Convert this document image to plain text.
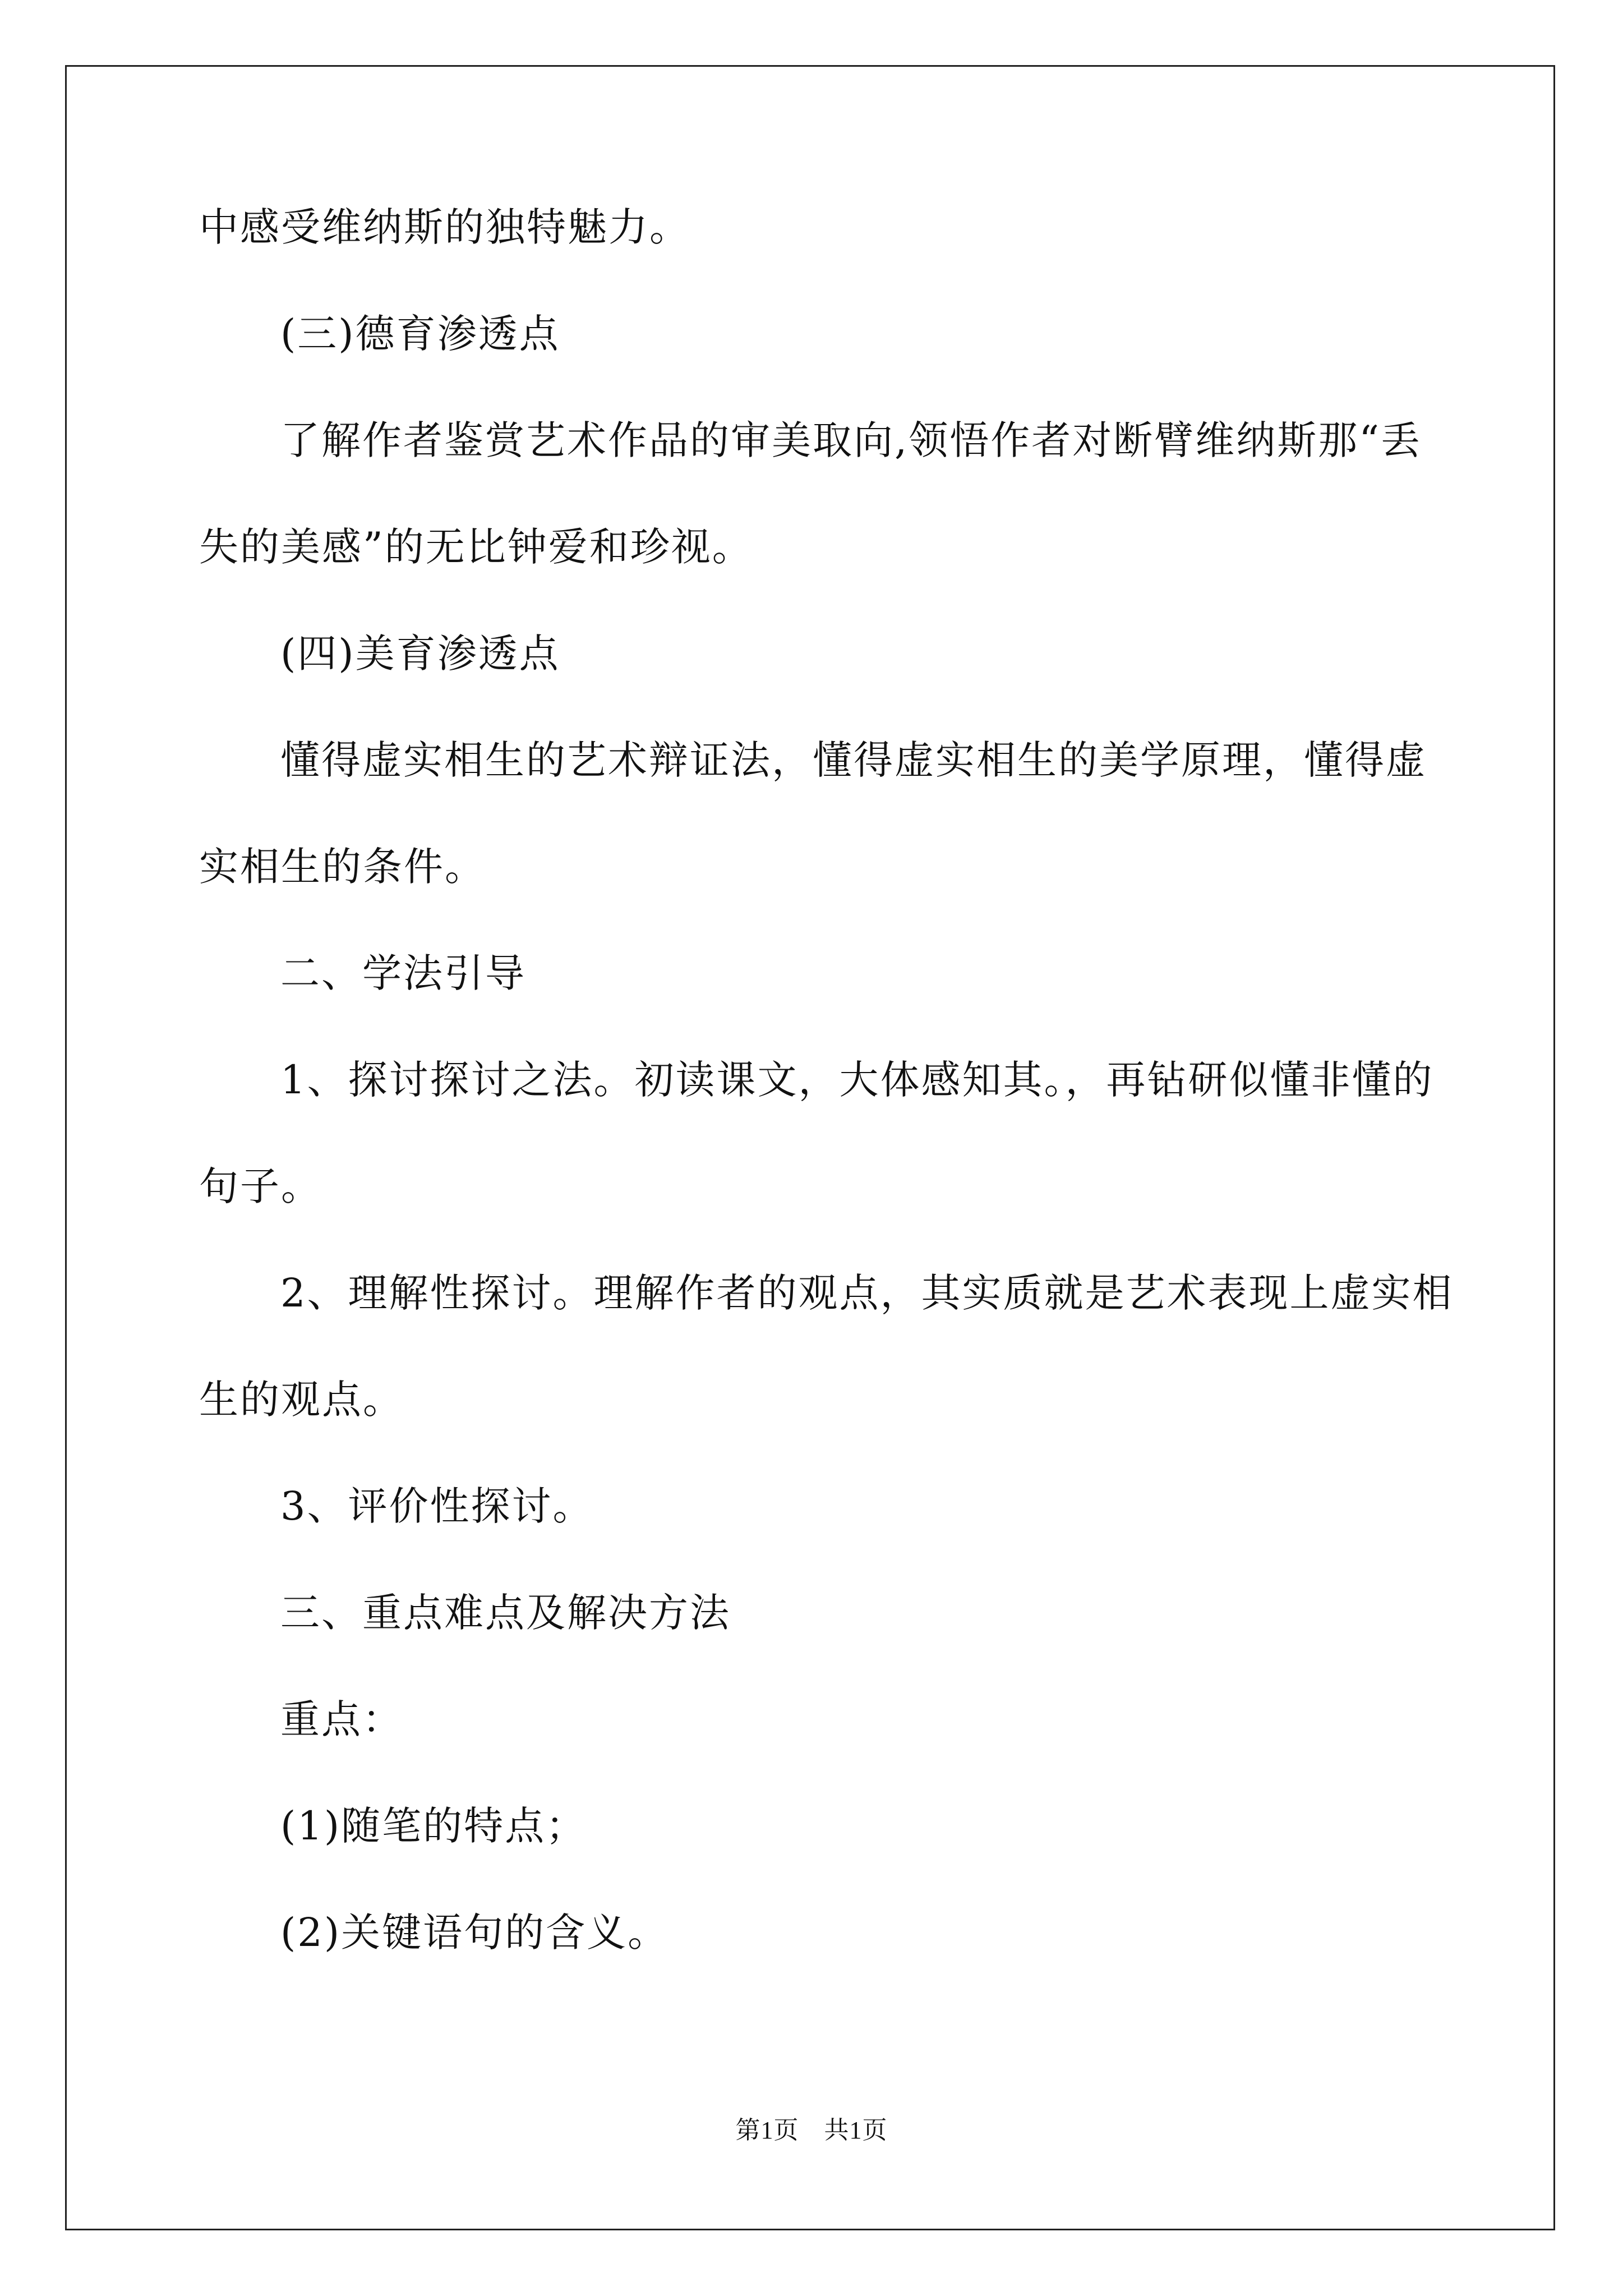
中感受维纳斯的独特魅力。
(三)德育渗透点
了解作者鉴赏艺术作品的审美取向,领悟作者对断臂维纳斯那“丢
失的美感”的无比钟爱和珍视。
(四)美育渗透点
懂得虚实相生的艺术辩证法，懂得虚实相生的美学原理，懂得虚
实相生的条件。
二、学法引导
1、探讨探讨之法。初读课文，大体感知其。，再钻研似懂非懂的
句子。
2、理解性探讨。理解作者的观点，其实质就是艺术表现上虚实相
生的观点。
3、评价性探讨。
三、重点难点及解决方法
重点：
(1)随笔的特点；
(2)关键语句的含义。
第1页　共1页
